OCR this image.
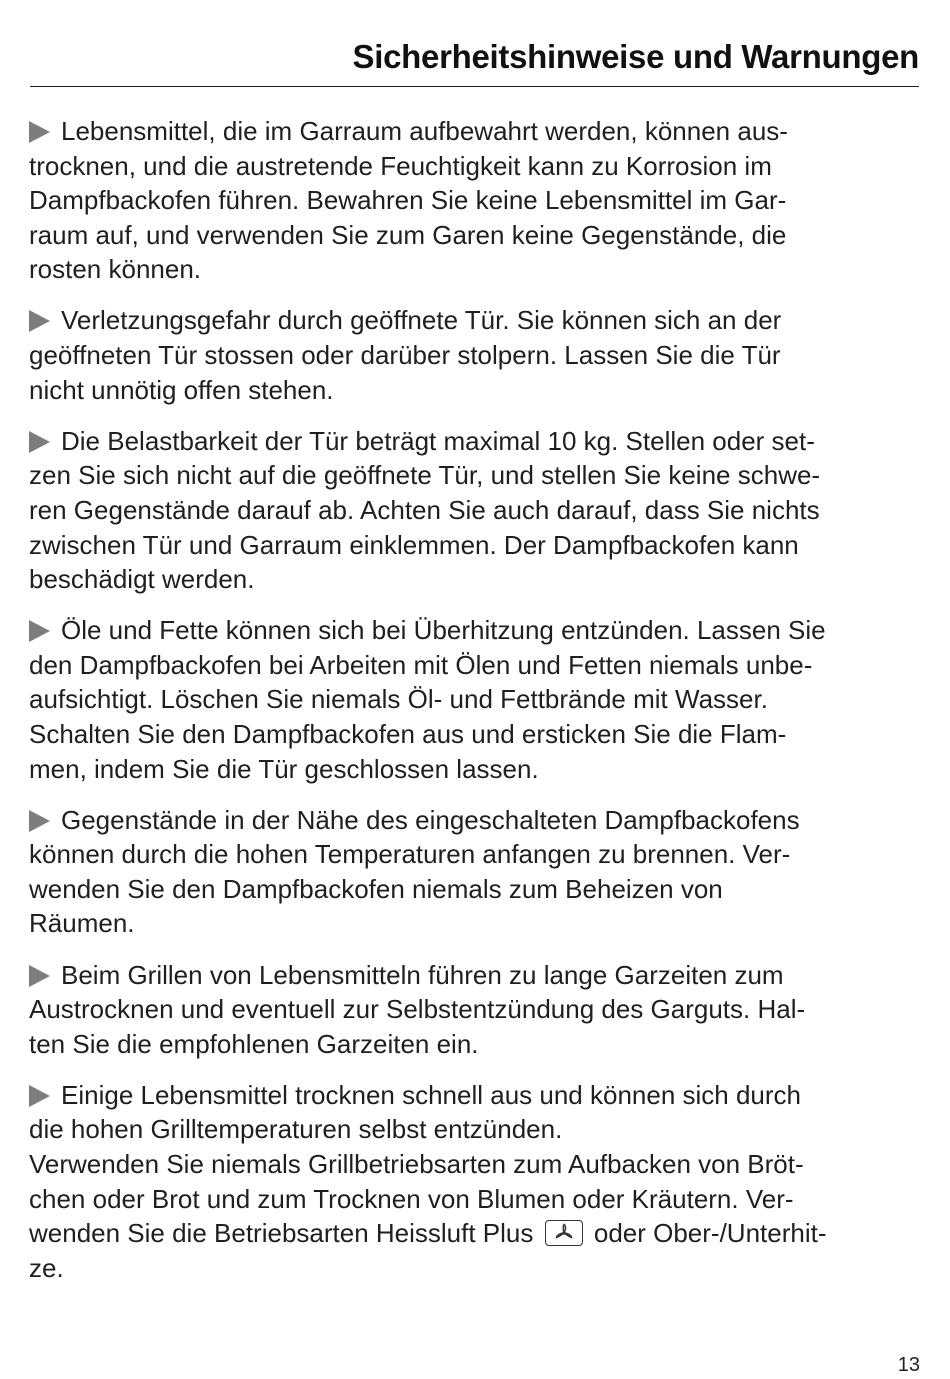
Sicherheitshinweise und Warnungen
Lebensmittel, die im Garraum aufbewahrt werden, können aus-
trocknen, und die austretende Feuchtigkeit kann zu Korrosion im
Dampfbackofen führen. Bewahren Sie keine Lebensmittel im Gar-
raum auf, und verwenden Sie zum Garen keine Gegenstände, die
rosten können.
Verletzungsgefahr durch geöffnete Tür. Sie können sich an der
geöffneten Tür stossen oder darüber stolpern. Lassen Sie die Tür
nicht unnötig offen stehen.
Die Belastbarkeit der Tür beträgt maximal 10 kg. Stellen oder set-
zen Sie sich nicht auf die geöffnete Tür, und stellen Sie keine schwe-
ren Gegenstände darauf ab. Achten Sie auch darauf, dass Sie nichts
zwischen Tür und Garraum einklemmen. Der Dampfbackofen kann
beschädigt werden.
Öle und Fette können sich bei Überhitzung entzünden. Lassen Sie
den Dampfbackofen bei Arbeiten mit Ölen und Fetten niemals unbe-
aufsichtigt. Löschen Sie niemals Öl- und Fettbrände mit Wasser.
Schalten Sie den Dampfbackofen aus und ersticken Sie die Flam-
men, indem Sie die Tür geschlossen lassen.
Gegenstände in der Nähe des eingeschalteten Dampfbackofens
können durch die hohen Temperaturen anfangen zu brennen. Ver-
wenden Sie den Dampfbackofen niemals zum Beheizen von
Räumen.
Beim Grillen von Lebensmitteln führen zu lange Garzeiten zum
Austrocknen und eventuell zur Selbstentzündung des Garguts. Hal-
ten Sie die empfohlenen Garzeiten ein.
Einige Lebensmittel trocknen schnell aus und können sich durch
die hohen Grilltemperaturen selbst entzünden.
Verwenden Sie niemals Grillbetriebsarten zum Aufbacken von Bröt-
chen oder Brot und zum Trocknen von Blumen oder Kräutern. Ver-
wenden Sie die Betriebsarten Heissluft Plus oder Ober-/Unterhit-
ze.
13
